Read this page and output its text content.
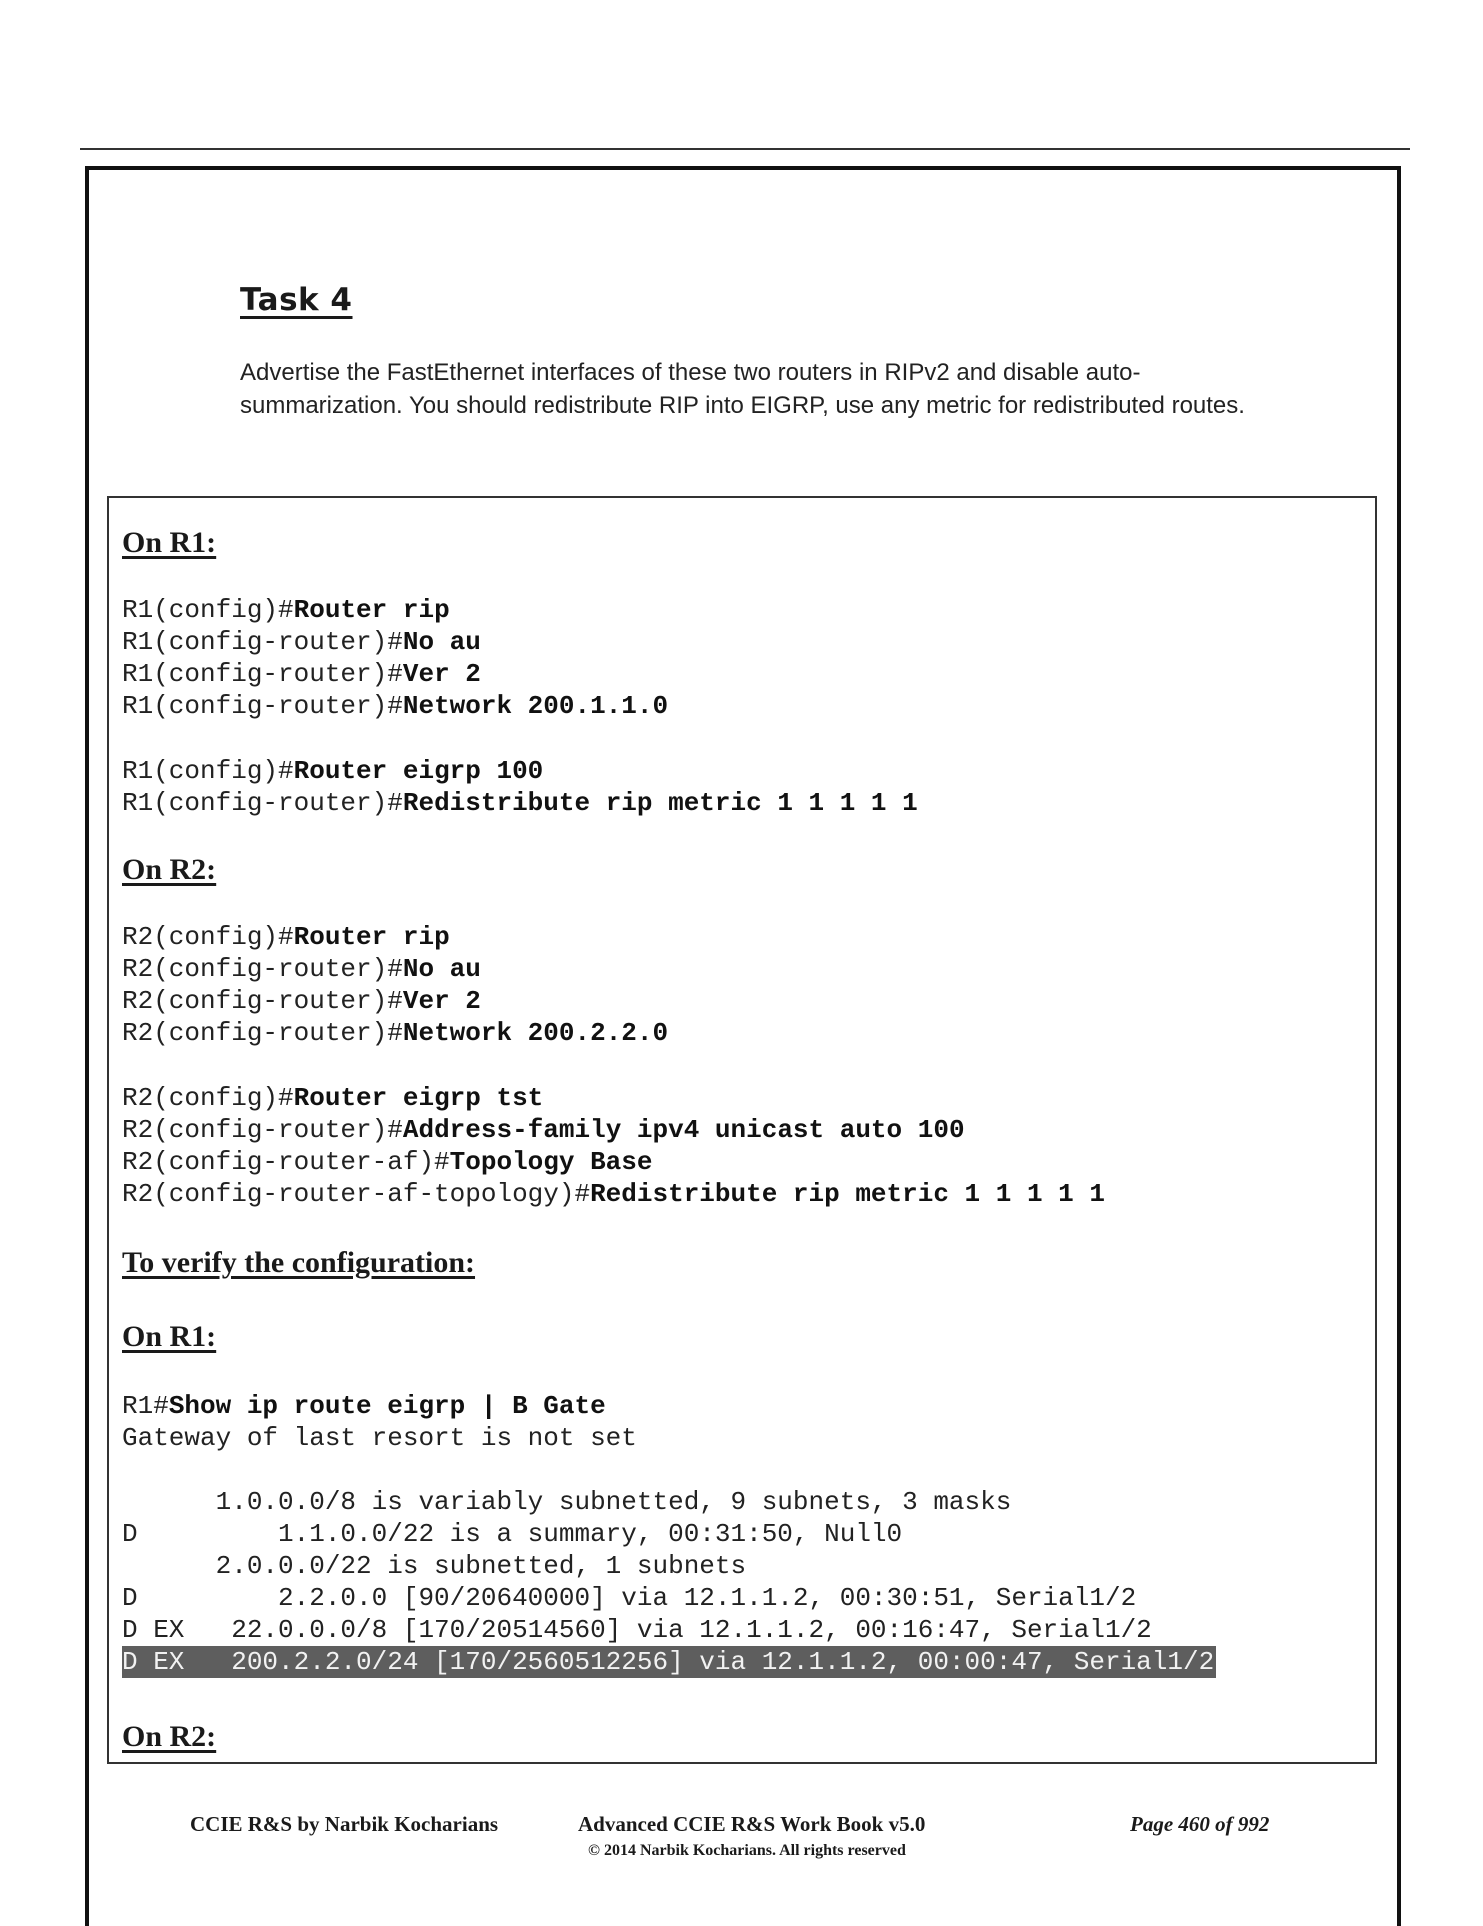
Task 4

Advertise the FastEthernet interfaces of these two routers in RIPv2 and disable auto-summarization. You should redistribute RIP into EIGRP, use any metric for redistributed routes.

On R1:
R1(config)#Router rip
R1(config-router)#No au
R1(config-router)#Ver 2
R1(config-router)#Network 200.1.1.0
R1(config)#Router eigrp 100
R1(config-router)#Redistribute rip metric 1 1 1 1 1
On R2:
R2(config)#Router rip
R2(config-router)#No au
R2(config-router)#Ver 2
R2(config-router)#Network 200.2.2.0
R2(config)#Router eigrp tst
R2(config-router)#Address-family ipv4 unicast auto 100
R2(config-router-af)#Topology Base
R2(config-router-af-topology)#Redistribute rip metric 1 1 1 1 1
To verify the configuration:
On R1:
R1#Show ip route eigrp | B Gate
Gateway of last resort is not set
1.0.0.0/8 is variably subnetted, 9 subnets, 3 masks
D         1.1.0.0/22 is a summary, 00:31:50, Null0
2.0.0.0/22 is subnetted, 1 subnets
D         2.2.0.0 [90/20640000] via 12.1.1.2, 00:30:51, Serial1/2
D EX   22.0.0.0/8 [170/20514560] via 12.1.1.2, 00:16:47, Serial1/2
D EX   200.2.2.0/24 [170/2560512256] via 12.1.1.2, 00:00:47, Serial1/2
On R2:

CCIE R&S by Narbik Kocharians	Advanced CCIE R&S Work Book v5.0

© 2014 Narbik Kocharians. All rights reserved

Page 460 of 992
